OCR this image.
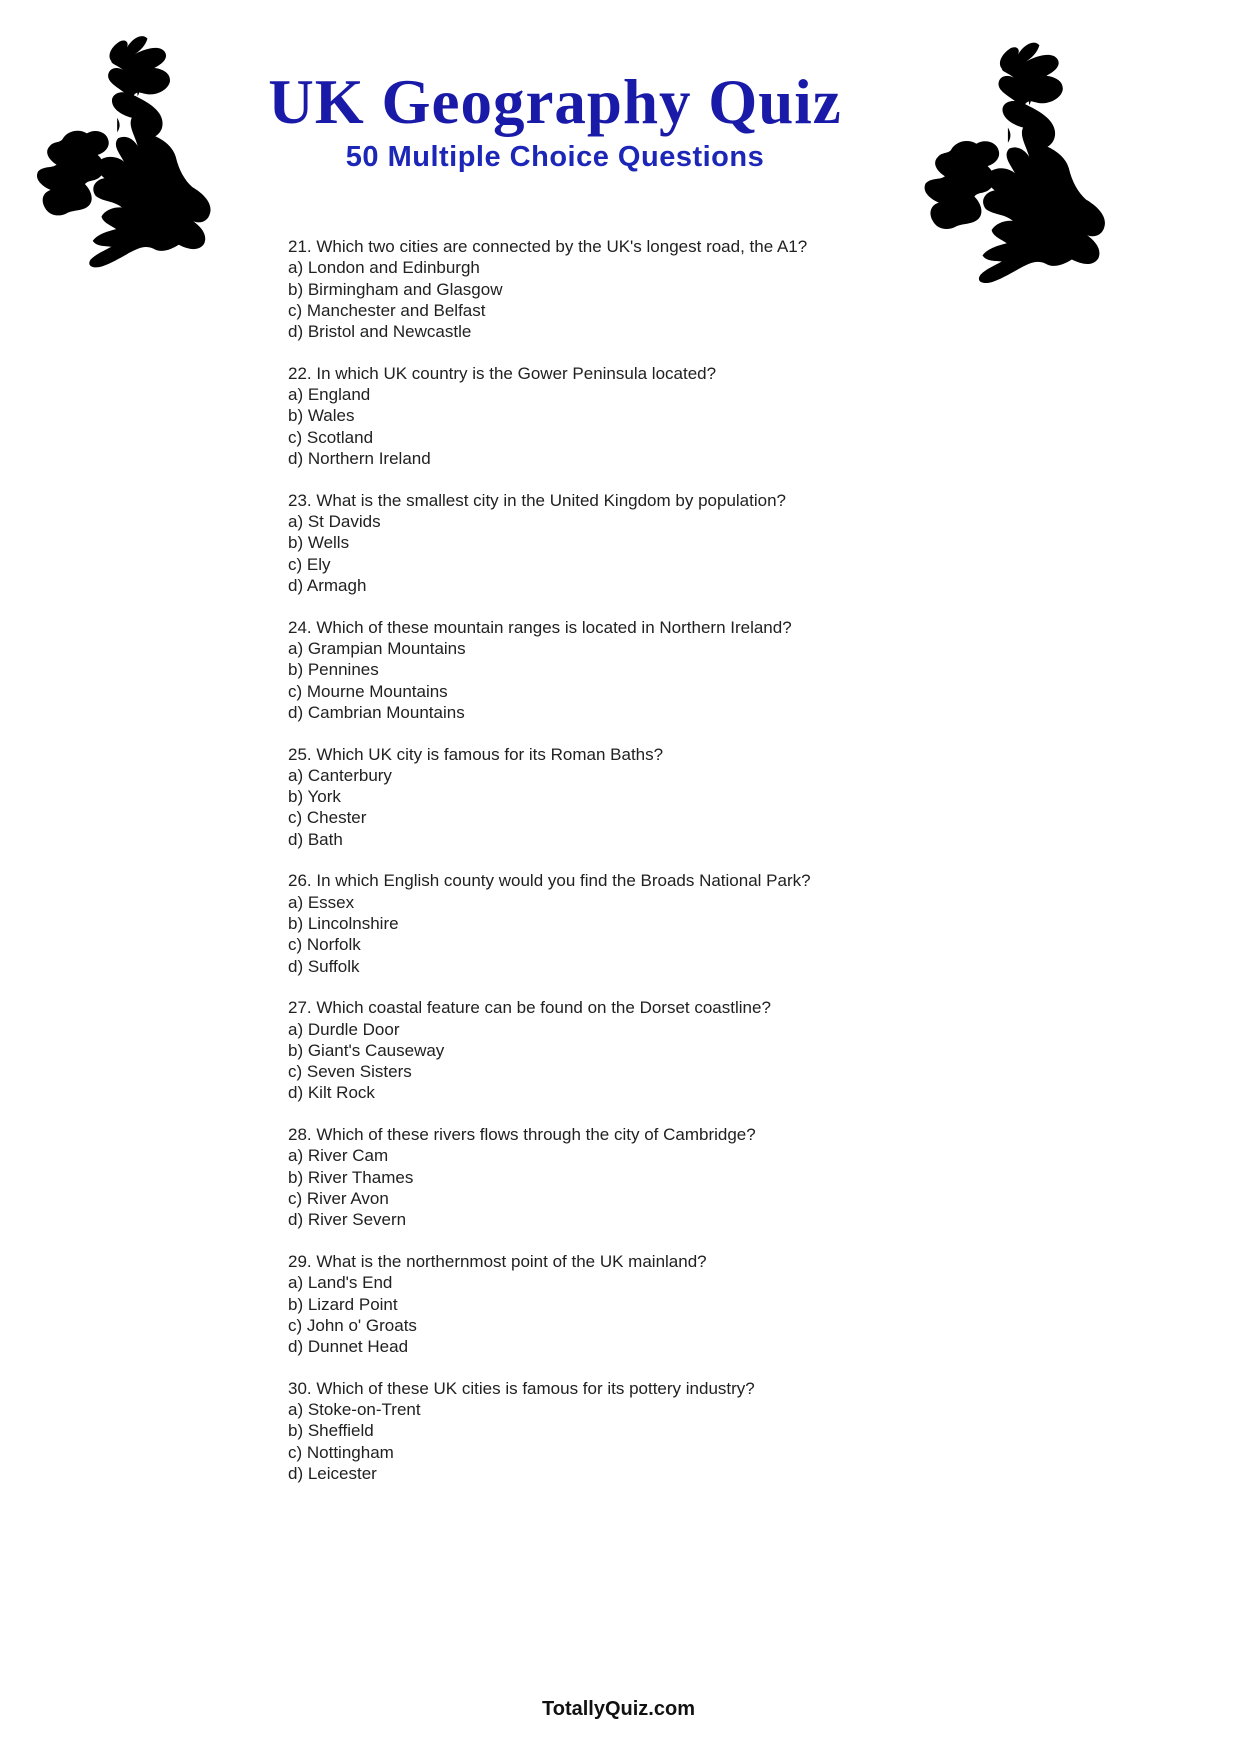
UK Geography Quiz
50 Multiple Choice Questions
21. Which two cities are connected by the UK's longest road, the A1?
a) London and Edinburgh
b) Birmingham and Glasgow
c) Manchester and Belfast
d) Bristol and Newcastle
22. In which UK country is the Gower Peninsula located?
a) England
b) Wales
c) Scotland
d) Northern Ireland
23. What is the smallest city in the United Kingdom by population?
a) St Davids
b) Wells
c) Ely
d) Armagh
24. Which of these mountain ranges is located in Northern Ireland?
a) Grampian Mountains
b) Pennines
c) Mourne Mountains
d) Cambrian Mountains
25. Which UK city is famous for its Roman Baths?
a) Canterbury
b) York
c) Chester
d) Bath
26. In which English county would you find the Broads National Park?
a) Essex
b) Lincolnshire
c) Norfolk
d) Suffolk
27. Which coastal feature can be found on the Dorset coastline?
a) Durdle Door
b) Giant's Causeway
c) Seven Sisters
d) Kilt Rock
28. Which of these rivers flows through the city of Cambridge?
a) River Cam
b) River Thames
c) River Avon
d) River Severn
29. What is the northernmost point of the UK mainland?
a) Land's End
b) Lizard Point
c) John o' Groats
d) Dunnet Head
30. Which of these UK cities is famous for its pottery industry?
a) Stoke-on-Trent
b) Sheffield
c) Nottingham
d) Leicester
TotallyQuiz.com
